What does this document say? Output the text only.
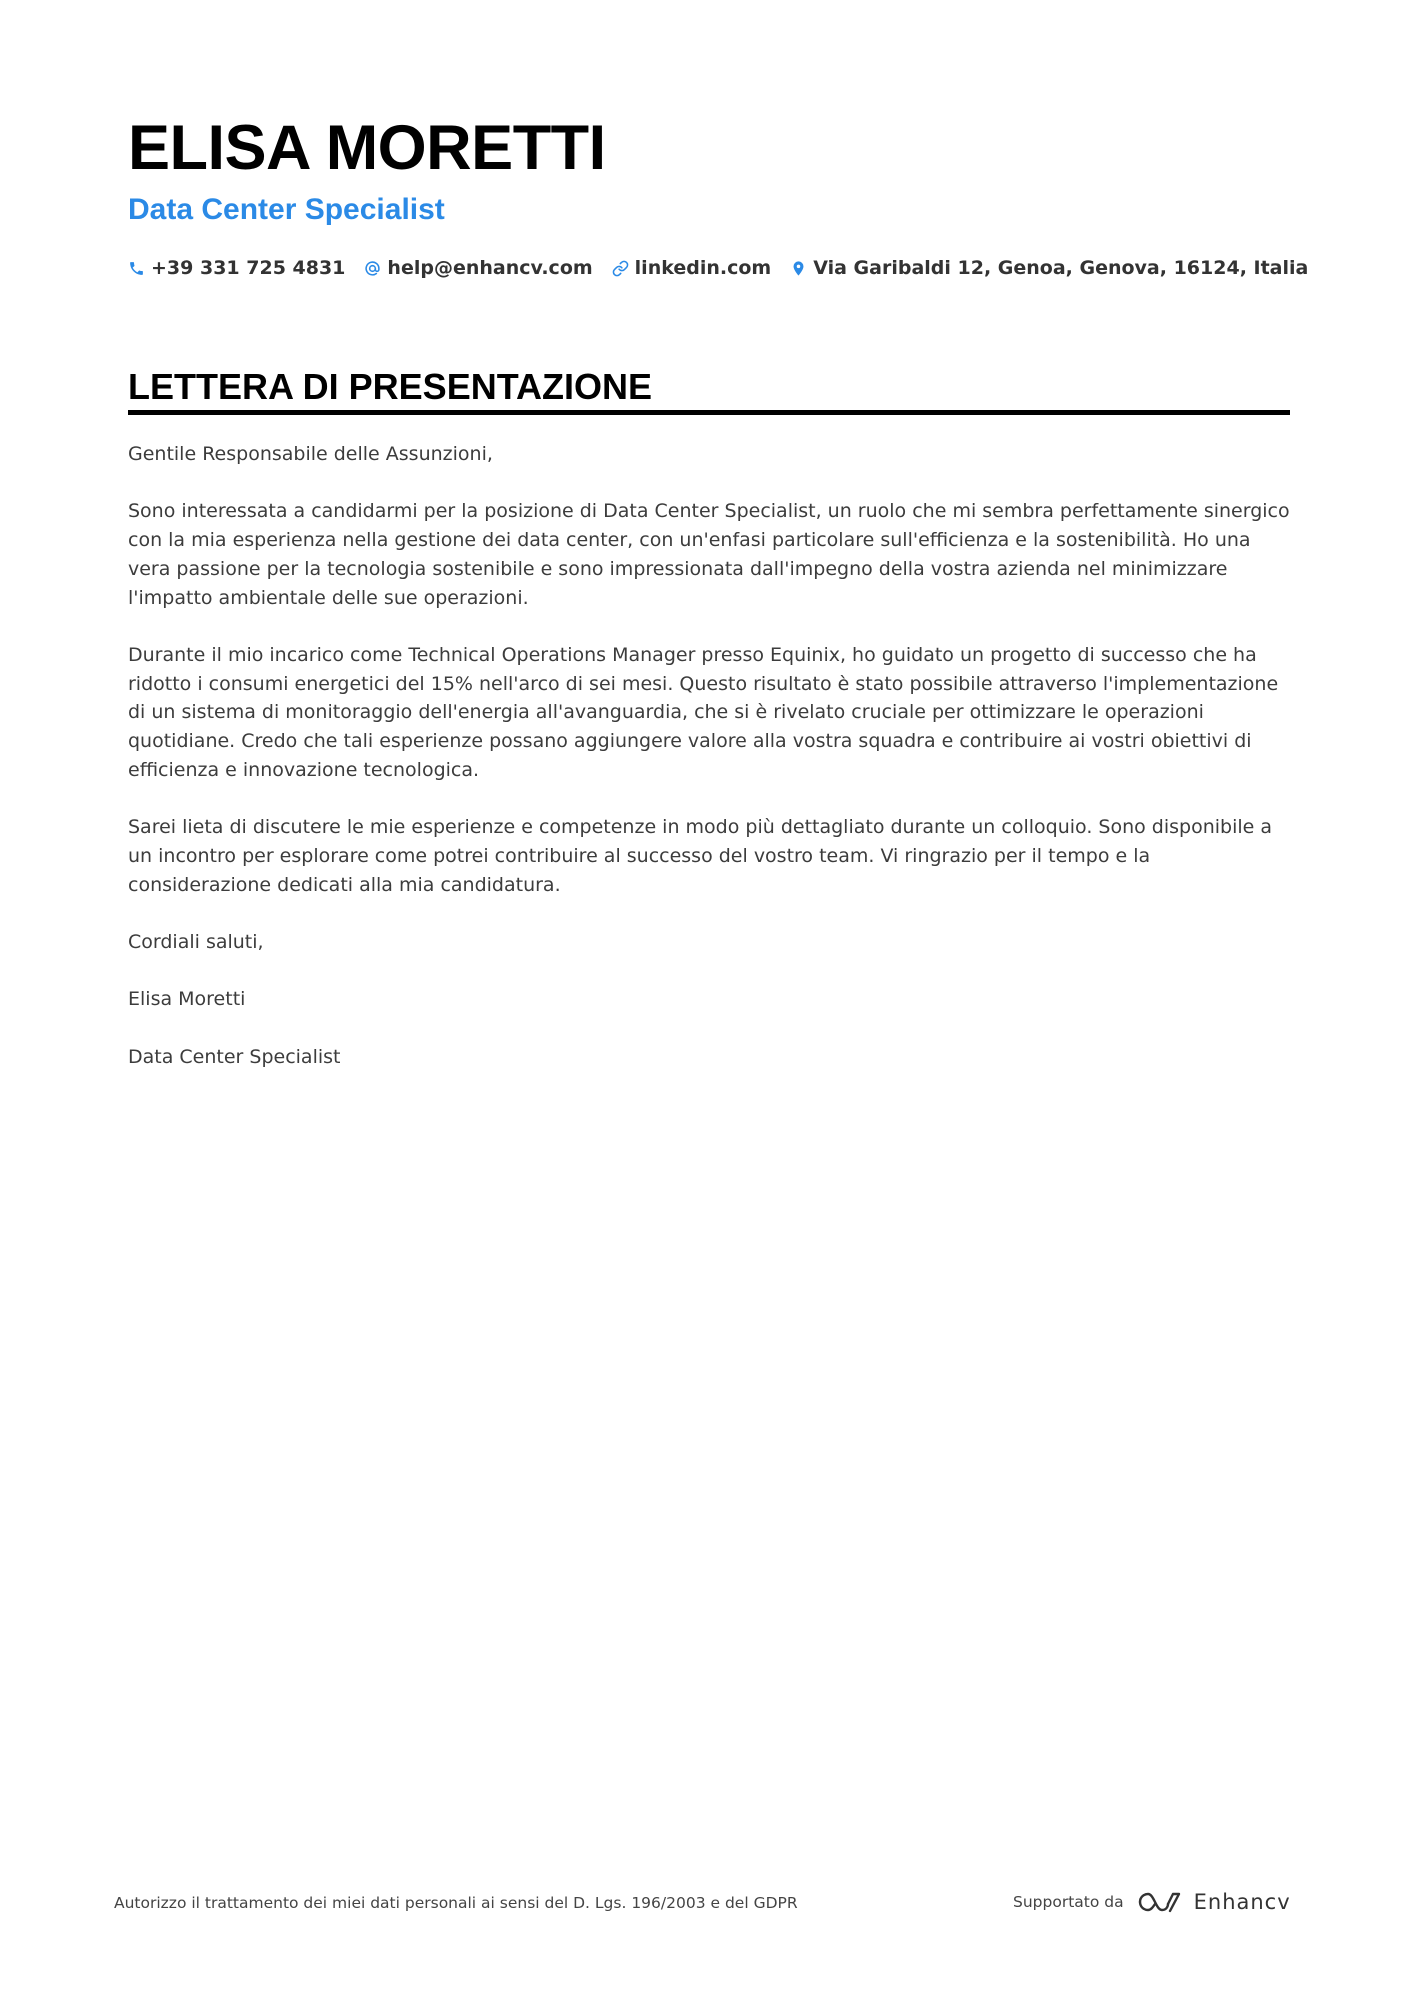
ELISA MORETTI
Data Center Specialist
+39 331 725 4831 help@enhancv.com linkedin.com Via Garibaldi 12, Genoa, Genova, 16124, Italia
LETTERA DI PRESENTAZIONE

Gentile Responsabile delle Assunzioni,

Sono interessata a candidarmi per la posizione di Data Center Specialist, un ruolo che mi sembra perfettamente sinergico con la mia esperienza nella gestione dei data center, con un'enfasi particolare sull'efficienza e la sostenibilità. Ho una vera passione per la tecnologia sostenibile e sono impressionata dall'impegno della vostra azienda nel minimizzare l'impatto ambientale delle sue operazioni.

Durante il mio incarico come Technical Operations Manager presso Equinix, ho guidato un progetto di successo che ha ridotto i consumi energetici del 15% nell'arco di sei mesi. Questo risultato è stato possibile attraverso l'implementazione di un sistema di monitoraggio dell'energia all'avanguardia, che si è rivelato cruciale per ottimizzare le operazioni quotidiane. Credo che tali esperienze possano aggiungere valore alla vostra squadra e contribuire ai vostri obiettivi di efficienza e innovazione tecnologica.

Sarei lieta di discutere le mie esperienze e competenze in modo più dettagliato durante un colloquio. Sono disponibile a un incontro per esplorare come potrei contribuire al successo del vostro team. Vi ringrazio per il tempo e la considerazione dedicati alla mia candidatura.

Cordiali saluti,

Elisa Moretti

Data Center Specialist

Autorizzo il trattamento dei miei dati personali ai sensi del D. Lgs. 196/2003 e del GDPR	Supportato da	Enhancv
